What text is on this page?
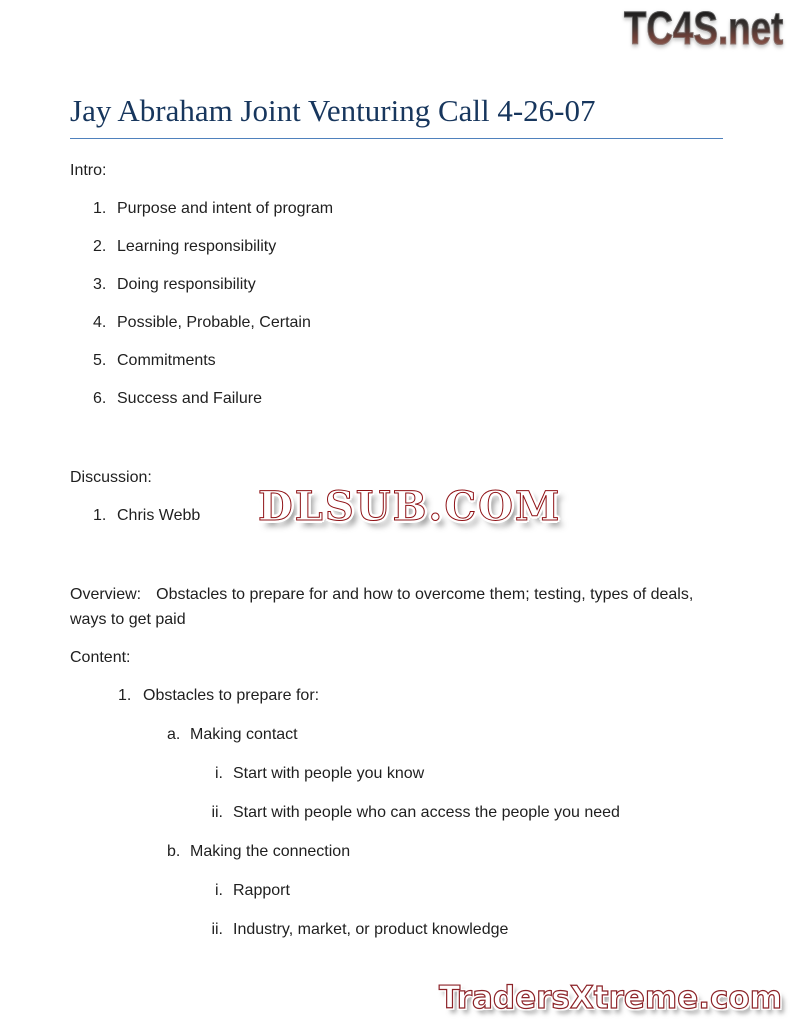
TC4S.net
Jay Abraham Joint Venturing Call 4-26-07

Intro:

1. Purpose and intent of program
2. Learning responsibility
3. Doing responsibility
4. Possible, Probable, Certain
5. Commitments
6. Success and Failure

Discussion:

1. Chris Webb

Overview: Obstacles to prepare for and how to overcome them; testing, types of deals, ways to get paid

Content:

1. Obstacles to prepare for:
a. Making contact
i. Start with people you know
ii. Start with people who can access the people you need
b. Making the connection
i. Rapport
ii. Industry, market, or product knowledge
DLSUB.COM
TradersXtreme.com
